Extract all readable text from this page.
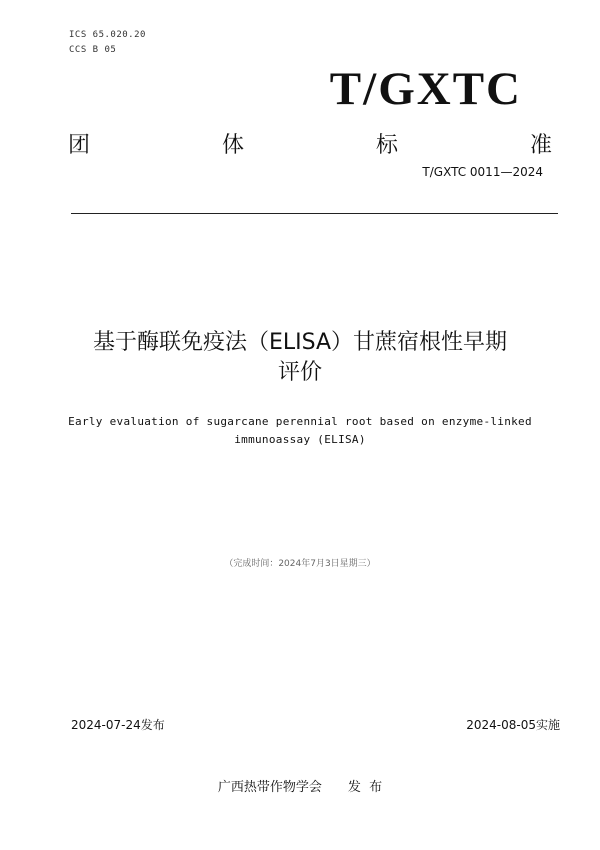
ICS 65.020.20
CCS B 05
T/GXTC
团	体	标	准
T/GXTC 0011—2024
基于酶联免疫法（ELISA）甘蔗宿根性早期
评价
Early evaluation of sugarcane perennial root based on enzyme-linked
immunoassay (ELISA)
（完成时间：2024年7月3日星期三）
2024-07-24发布	2024-08-05实施
广西热带作物学会　　发  布
